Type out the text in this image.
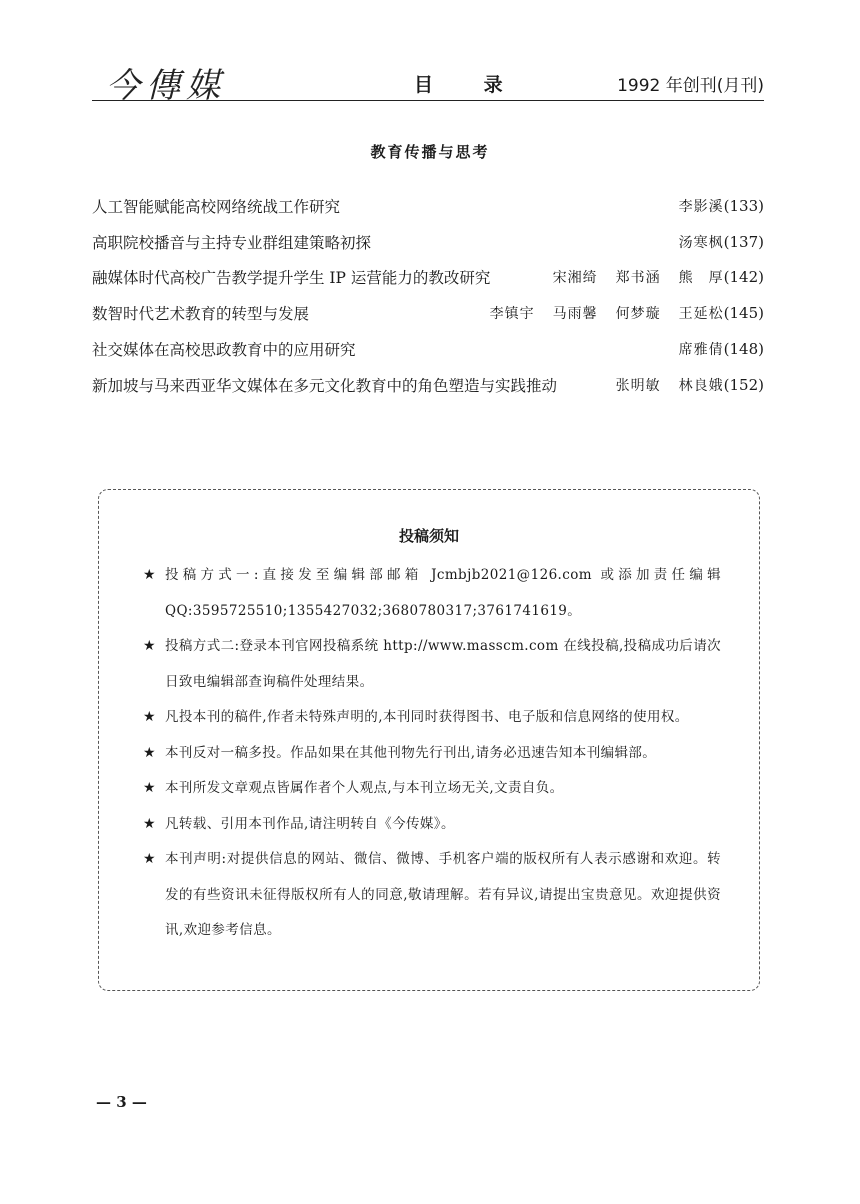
今傳媒	目 录	1992 年创刊(月刊)
教育传播与思考
人工智能赋能高校网络统战工作研究	李影溪 (133)
高职院校播音与主持专业群组建策略初探	汤寒枫 (137)
融媒体时代高校广告教学提升学生 IP 运营能力的教改研究	宋湘绮 郑书涵 熊　厚 (142)
数智时代艺术教育的转型与发展	李镇宇 马雨馨 何梦璇 王延松 (145)
社交媒体在高校思政教育中的应用研究	席雅倩 (148)
新加坡与马来西亚华文媒体在多元文化教育中的角色塑造与实践推动	张明敏 林良娥 (152)
投稿须知
★ 投稿方式一:直接发至编辑部邮箱 Jcmbjb2021@126.com 或添加责任编辑 QQ:3595725510;1355427032;3680780317;3761741619。
★ 投稿方式二:登录本刊官网投稿系统 http://www.masscm.com 在线投稿,投稿成功后请次日致电编辑部查询稿件处理结果。
★ 凡投本刊的稿件,作者未特殊声明的,本刊同时获得图书、电子版和信息网络的使用权。
★ 本刊反对一稿多投。作品如果在其他刊物先行刊出,请务必迅速告知本刊编辑部。
★ 本刊所发文章观点皆属作者个人观点,与本刊立场无关,文责自负。
★ 凡转载、引用本刊作品,请注明转自《今传媒》。
★ 本刊声明:对提供信息的网站、微信、微博、手机客户端的版权所有人表示感谢和欢迎。转发的有些资讯未征得版权所有人的同意,敬请理解。若有异议,请提出宝贵意见。欢迎提供资讯,欢迎参考信息。
— 3 —
